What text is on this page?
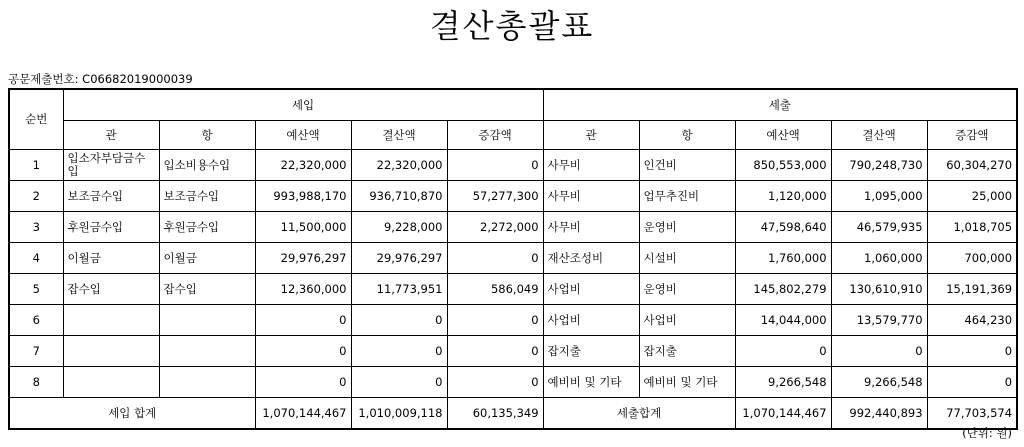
결산총괄표
공문제출번호: C06682019000039
순번	세입					세출				
	관	항	예산액	결산액	증감액	관	항	예산액	결산액	증감액
1	입소자부담금수입	입소비용수입	22,320,000	22,320,000	0	사무비	인건비	850,553,000	790,248,730	60,304,270
2	보조금수입	보조금수입	993,988,170	936,710,870	57,277,300	사무비	업무추진비	1,120,000	1,095,000	25,000
3	후원금수입	후원금수입	11,500,000	9,228,000	2,272,000	사무비	운영비	47,598,640	46,579,935	1,018,705
4	이월금	이월금	29,976,297	29,976,297	0	재산조성비	시설비	1,760,000	1,060,000	700,000
5	잡수입	잡수입	12,360,000	11,773,951	586,049	사업비	운영비	145,802,279	130,610,910	15,191,369
6			0	0	0	사업비	사업비	14,044,000	13,579,770	464,230
7			0	0	0	잡지출	잡지출	0	0	0
8			0	0	0	예비비 및 기타	예비비 및 기타	9,266,548	9,266,548	0
세입 합계			1,070,144,467	1,010,009,118	60,135,349	세출합계		1,070,144,467	992,440,893	77,703,574
(단위: 원)
